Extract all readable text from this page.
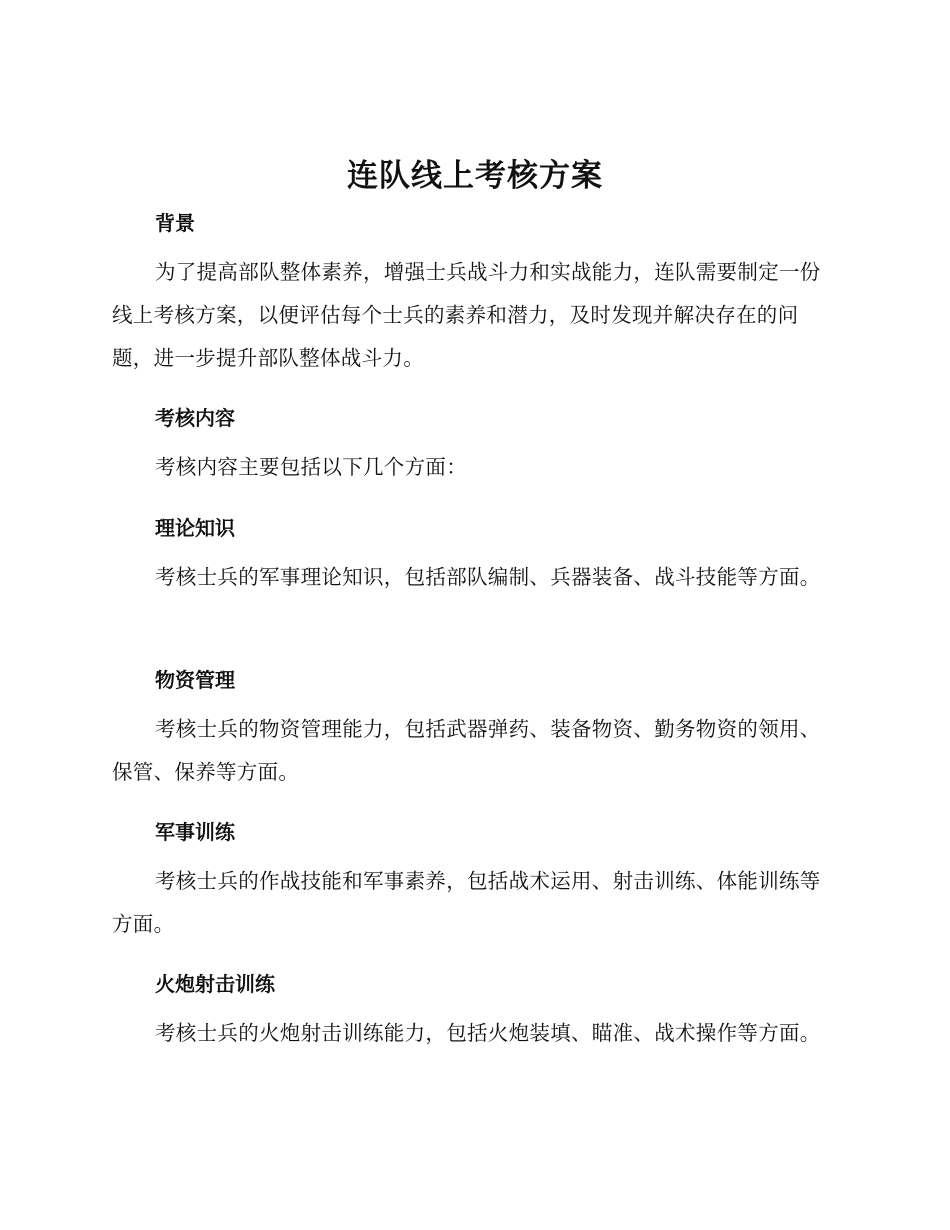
连队线上考核方案
背景

为了提高部队整体素养，增强士兵战斗力和实战能力，连队需要制定一份线上考核方案，以便评估每个士兵的素养和潜力，及时发现并解决存在的问题，进一步提升部队整体战斗力。

考核内容

考核内容主要包括以下几个方面：

理论知识

考核士兵的军事理论知识，包括部队编制、兵器装备、战斗技能等方面。

物资管理

考核士兵的物资管理能力，包括武器弹药、装备物资、勤务物资的领用、保管、保养等方面。

军事训练

考核士兵的作战技能和军事素养，包括战术运用、射击训练、体能训练等方面。

火炮射击训练

考核士兵的火炮射击训练能力，包括火炮装填、瞄准、战术操作等方面。
